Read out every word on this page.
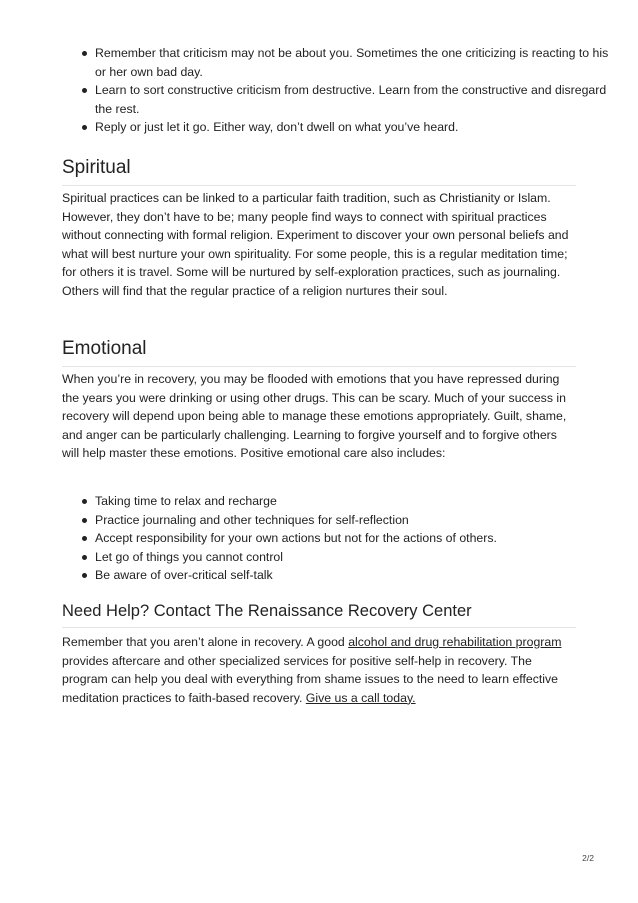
Remember that criticism may not be about you. Sometimes the one criticizing is reacting to his or her own bad day.
Learn to sort constructive criticism from destructive. Learn from the constructive and disregard the rest.
Reply or just let it go. Either way, don’t dwell on what you’ve heard.
Spiritual

Spiritual practices can be linked to a particular faith tradition, such as Christianity or Islam. However, they don’t have to be; many people find ways to connect with spiritual practices without connecting with formal religion. Experiment to discover your own personal beliefs and what will best nurture your own spirituality. For some people, this is a regular meditation time; for others it is travel. Some will be nurtured by self-exploration practices, such as journaling. Others will find that the regular practice of a religion nurtures their soul.

Emotional

When you’re in recovery, you may be flooded with emotions that you have repressed during the years you were drinking or using other drugs. This can be scary. Much of your success in recovery will depend upon being able to manage these emotions appropriately. Guilt, shame, and anger can be particularly challenging. Learning to forgive yourself and to forgive others will help master these emotions. Positive emotional care also includes:

Taking time to relax and recharge
Practice journaling and other techniques for self-reflection
Accept responsibility for your own actions but not for the actions of others.
Let go of things you cannot control
Be aware of over-critical self-talk
Need Help? Contact The Renaissance Recovery Center

Remember that you aren’t alone in recovery. A good alcohol and drug rehabilitation program provides aftercare and other specialized services for positive self-help in recovery. The program can help you deal with everything from shame issues to the need to learn effective meditation practices to faith-based recovery. Give us a call today.

2/2
